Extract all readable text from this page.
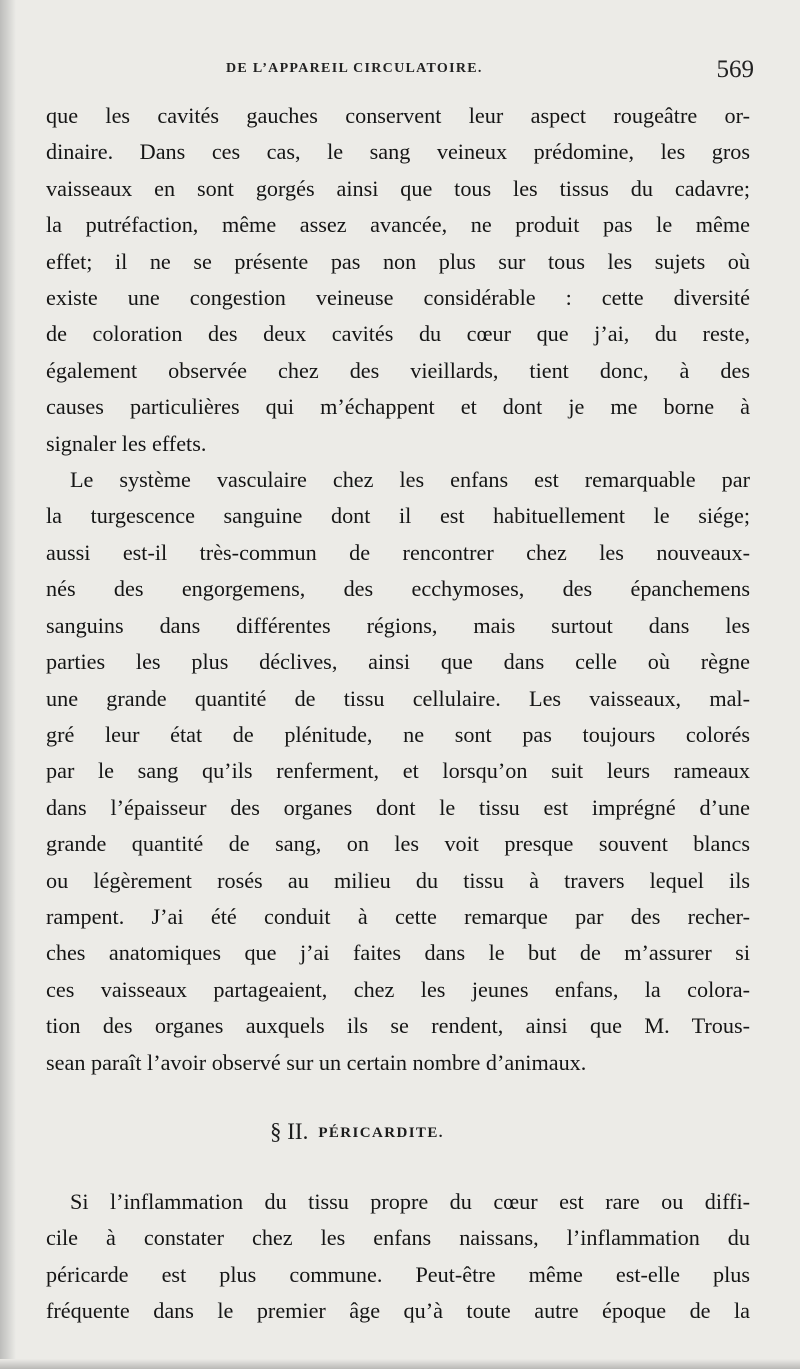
DE L’APPAREIL CIRCULATOIRE.	569
que les cavités gauches conservent leur aspect rougeâtre or-
dinaire. Dans ces cas, le sang veineux prédomine, les gros
vaisseaux en sont gorgés ainsi que tous les tissus du cadavre;
la putréfaction, même assez avancée, ne produit pas le même
effet; il ne se présente pas non plus sur tous les sujets où
existe une congestion veineuse considérable : cette diversité
de coloration des deux cavités du cœur que j’ai, du reste,
également observée chez des vieillards, tient donc, à des
causes particulières qui m’échappent et dont je me borne à
signaler les effets.
Le système vasculaire chez les enfans est remarquable par
la turgescence sanguine dont il est habituellement le siége;
aussi est-il très-commun de rencontrer chez les nouveaux-
nés des engorgemens, des ecchymoses, des épanchemens
sanguins dans différentes régions, mais surtout dans les
parties les plus déclives, ainsi que dans celle où règne
une grande quantité de tissu cellulaire. Les vaisseaux, mal-
gré leur état de plénitude, ne sont pas toujours colorés
par le sang qu’ils renferment, et lorsqu’on suit leurs rameaux
dans l’épaisseur des organes dont le tissu est imprégné d’une
grande quantité de sang, on les voit presque souvent blancs
ou légèrement rosés au milieu du tissu à travers lequel ils
rampent. J’ai été conduit à cette remarque par des recher-
ches anatomiques que j’ai faites dans le but de m’assurer si
ces vaisseaux partageaient, chez les jeunes enfans, la colora-
tion des organes auxquels ils se rendent, ainsi que M. Trous-
sean paraît l’avoir observé sur un certain nombre d’animaux.
§ II. PÉRICARDITE.
Si l’inflammation du tissu propre du cœur est rare ou diffi-
cile à constater chez les enfans naissans, l’inflammation du
péricarde est plus commune. Peut-être même est-elle plus
fréquente dans le premier âge qu’à toute autre époque de la
